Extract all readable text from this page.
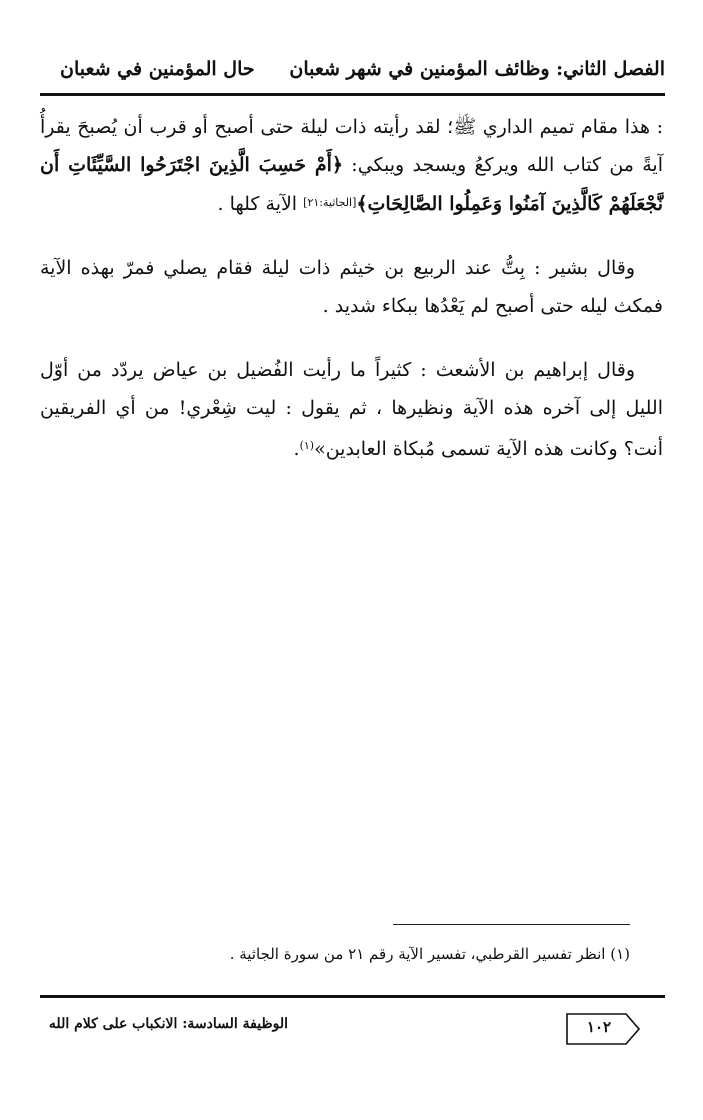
الفصل الثاني: وظائف المؤمنين في شهر شعبان
حال المؤمنين في شعبان

: هذا مقام تميم الداري ﷺ؛ لقد رأيته ذات ليلة حتى أصبح أو قرب أن يُصبحَ يقرأُ آيةً من كتاب الله ويركعُ ويسجد ويبكي: ﴿أَمْ حَسِبَ الَّذِينَ اجْتَرَحُوا السَّيِّئَاتِ أَن نَّجْعَلَهُمْ كَالَّذِينَ آمَنُوا وَعَمِلُوا الصَّالِحَاتِ﴾[الجاثية:٢١] الآية كلها .

وقال بشير : بِتُّ عند الربيع بن خيثم ذات ليلة فقام يصلي فمرّ بهذه الآية فمكث ليله حتى أصبح لم يَعْدُها ببكاء شديد .

وقال إبراهيم بن الأشعث : كثيراً ما رأيت الفُضيل بن عياض يردّد من أوّل الليل إلى آخره هذه الآية ونظيرها ، ثم يقول : ليت شِعْري! من أي الفريقين أنت؟ وكانت هذه الآية تسمى مُبكاة العابدين»$^{(١)}$.

(١) انظر تفسير القرطبي، تفسير الآية رقم ٢١ من سورة الجاثية .
الوظيفة السادسة: الانكباب على كلام الله	١٠٢
